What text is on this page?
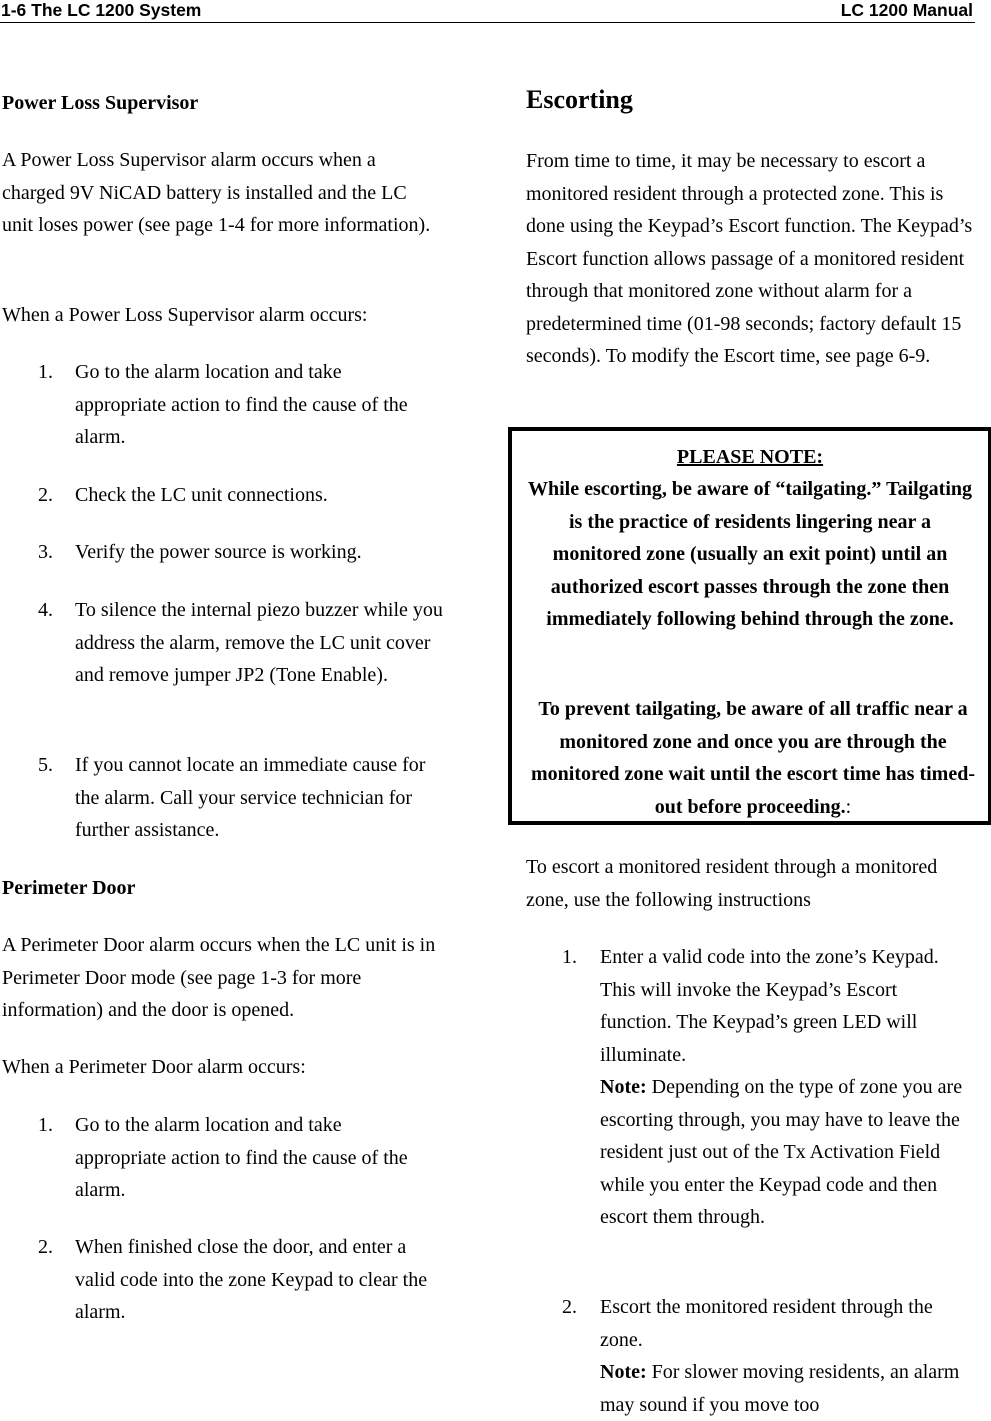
1-6 The LC 1200 System	LC 1200 Manual
Power Loss Supervisor

A Power Loss Supervisor alarm occurs when a charged 9V NiCAD battery is installed and the LC unit loses power (see page 1-4 for more information).

When a Power Loss Supervisor alarm occurs:

1. Go to the alarm location and take appropriate action to find the cause of the alarm.
2. Check the LC unit connections.
3. Verify the power source is working.
4. To silence the internal piezo buzzer while you address the alarm, remove the LC unit cover and remove jumper JP2 (Tone Enable).
5. If you cannot locate an immediate cause for the alarm. Call your service technician for further assistance.
Perimeter Door

A Perimeter Door alarm occurs when the LC unit is in Perimeter Door mode (see page 1-3 for more information) and the door is opened.

When a Perimeter Door alarm occurs:

1. Go to the alarm location and take appropriate action to find the cause of the alarm.
2. When finished close the door, and enter a valid code into the zone Keypad to clear the alarm.
Escorting

From time to time, it may be necessary to escort a monitored resident through a protected zone. This is done using the Keypad’s Escort function. The Keypad’s Escort function allows passage of a monitored resident through that monitored zone without alarm for a predetermined time (01-98 seconds; factory default 15 seconds). To modify the Escort time, see page 6-9.

To escort a monitored resident through a monitored zone, use the following instructions

1. Enter a valid code into the zone’s Keypad. This will invoke the Keypad’s Escort function. The Keypad’s green LED will illuminate.
Note: Depending on the type of zone you are escorting through, you may have to leave the resident just out of the Tx Activation Field while you enter the Keypad code and then escort them through.
2. Escort the monitored resident through the zone.
Note: For slower moving residents, an alarm may sound if you move too
PLEASE NOTE:
While escorting, be aware of “tailgating.” Tailgating is the practice of residents lingering near a monitored zone (usually an exit point) until an authorized escort passes through the zone then immediately following behind through the zone.
To prevent tailgating, be aware of all traffic near a monitored zone and once you are through the monitored zone wait until the escort time has timed-out before proceeding.:
